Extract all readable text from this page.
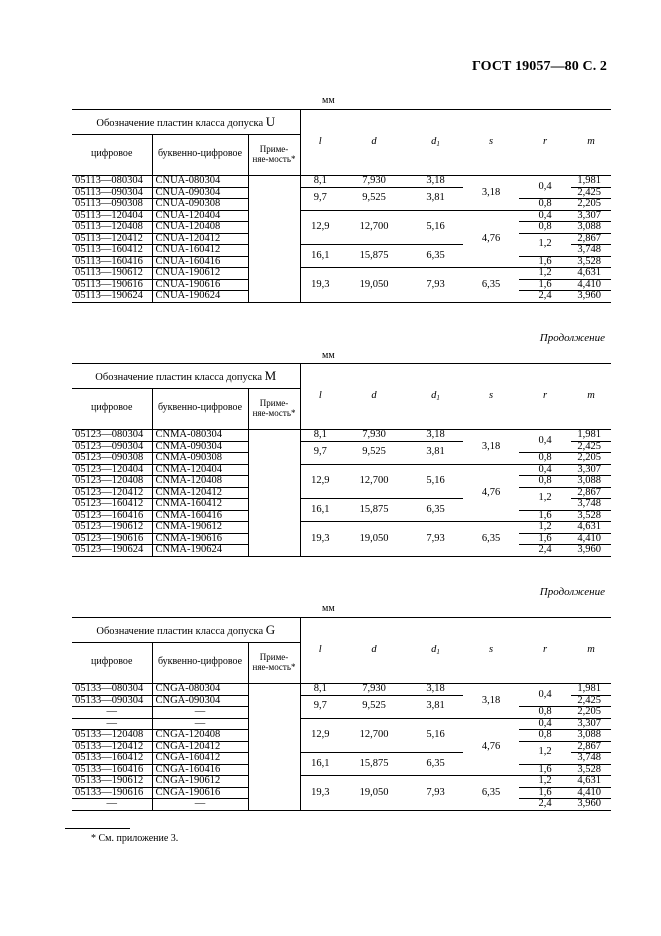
ГОСТ 19057—80 С. 2
мм
мм
мм
Продолжение
Продолжение
Обозначение пластин класса допуска U			l	d	d1	s	r	m
цифровое	буквенно-цифровое	Приме-няе-мость*						
05113—080304	CNUA-080304		8,1	7,930	3,18	3,18	0,4	1,981
05113—090304	CNUA-090304		9,7	9,525	3,81			2,425
05113—090308	CNUA-090308						0,8	2,205
05113—120404	CNUA-120404		12,9	12,700	5,16	4,76	0,4	3,307
05113—120408	CNUA-120408						0,8	3,088
05113—120412	CNUA-120412						1,2	2,867
05113—160412	CNUA-160412		16,1	15,875	6,35			3,748
05113—160416	CNUA-160416						1,6	3,528
05113—190612	CNUA-190612		19,3	19,050	7,93	6,35	1,2	4,631
05113—190616	CNUA-190616						1,6	4,410
05113—190624	CNUA-190624						2,4	3,960
Обозначение пластин класса допуска M			l	d	d1	s	r	m
цифровое	буквенно-цифровое	Приме-няе-мость*						
05123—080304	CNMA-080304		8,1	7,930	3,18	3,18	0,4	1,981
05123—090304	CNMA-090304		9,7	9,525	3,81			2,425
05123—090308	CNMA-090308						0,8	2,205
05123—120404	CNMA-120404		12,9	12,700	5,16	4,76	0,4	3,307
05123—120408	CNMA-120408						0,8	3,088
05123—120412	CNMA-120412						1,2	2,867
05123—160412	CNMA-160412		16,1	15,875	6,35			3,748
05123—160416	CNMA-160416						1,6	3,528
05123—190612	CNMA-190612		19,3	19,050	7,93	6,35	1,2	4,631
05123—190616	CNMA-190616						1,6	4,410
05123—190624	CNMA-190624						2,4	3,960
Обозначение пластин класса допуска G			l	d	d1	s	r	m
цифровое	буквенно-цифровое	Приме-няе-мость*						
05133—080304	CNGA-080304		8,1	7,930	3,18	3,18	0,4	1,981
05133—090304	CNGA-090304		9,7	9,525	3,81			2,425
—	—						0,8	2,205
—	—		12,9	12,700	5,16	4,76	0,4	3,307
05133—120408	CNGA-120408						0,8	3,088
05133—120412	CNGA-120412						1,2	2,867
05133—160412	CNGA-160412		16,1	15,875	6,35			3,748
05133—160416	CNGA-160416						1,6	3,528
05133—190612	CNGA-190612		19,3	19,050	7,93	6,35	1,2	4,631
05133—190616	CNGA-190616						1,6	4,410
—	—						2,4	3,960
* См. приложение 3.
